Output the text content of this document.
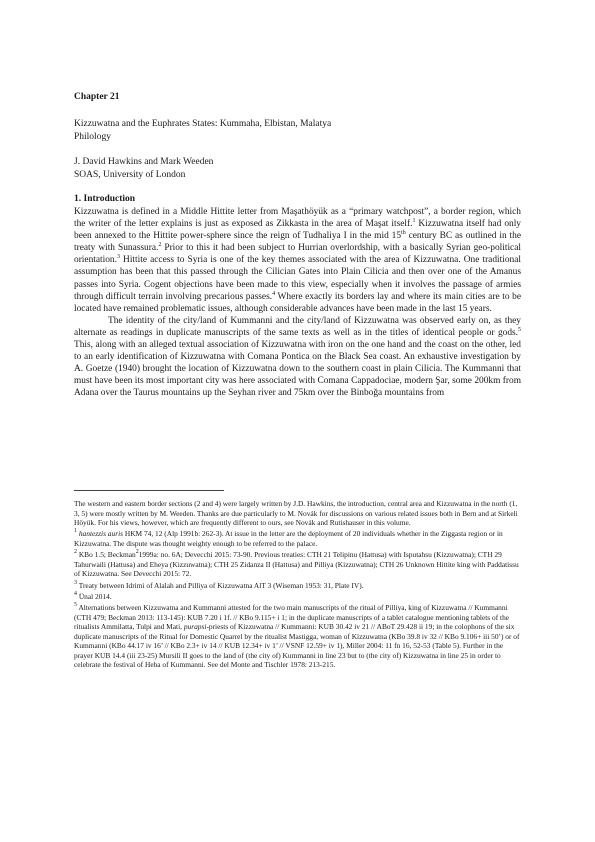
Chapter 21
Kizzuwatna and the Euphrates States: Kummaha, Elbistan, Malatya
Philology
J. David Hawkins and Mark Weeden
SOAS, University of London
1. Introduction

Kizzuwatna is defined in a Middle Hittite letter from Maşathöyük as a “primary watchpost”, a border region, which the writer of the letter explains is just as exposed as Zikkasta in the area of Maşat itself.$^1$ Kizzuwatna itself had only been annexed to the Hittite power-sphere since the reign of Tudhaliya I in the mid 15th century BC as outlined in the treaty with Sunassura.$^2$ Prior to this it had been subject to Hurrian overlordship, with a basically Syrian geo-political orientation.$^3$ Hittite access to Syria is one of the key themes associated with the area of Kizzuwatna. One traditional assumption has been that this passed through the Cilician Gates into Plain Cilicia and then over one of the Amanus passes into Syria. Cogent objections have been made to this view, especially when it involves the passage of armies through difficult terrain involving precarious passes.$^4$ Where exactly its borders lay and where its main cities are to be located have remained problematic issues, although considerable advances have been made in the last 15 years.

The identity of the city/land of Kummanni and the city/land of Kizzuwatna was observed early on, as they alternate as readings in duplicate manuscripts of the same texts as well as in the titles of identical people or gods.$^5$ This, along with an alleged textual association of Kizzuwatna with iron on the one hand and the coast on the other, led to an early identification of Kizzuwatna with Comana Pontica on the Black Sea coast. An exhaustive investigation by A. Goetze (1940) brought the location of Kizzuwatna down to the southern coast in plain Cilicia. The Kummanni that must have been its most important city was here associated with Comana Cappadociae, modern Şar, some 200km from Adana over the Taurus mountains up the Seyhan river and 75km over the Binboğa mountains from

The western and eastern border sections (2 and 4) were largely written by J.D. Hawkins, the introduction, central area and Kizzuwatna in the north (1, 3, 5) were mostly written by M. Weeden. Thanks are due particularly to M. Novák for discussions on various related issues both in Bern and at Sirkeli Höyük. For his views, however, which are frequently different to ours, see Novák and Rutishauser in this volume.

$^1$ hantezzis auris HKM 74, 12 (Alp 1991b: 262-3). At issue in the letter are the deployment of 20 individuals whether in the Ziggasta region or in Kizzuwatna. The dispute was thought weighty enough to be referred to the palace.

$^2$ KBo 1.5; Beckman$^2$1999a: no. 6A; Devecchi 2015: 73-90. Previous treaties: CTH 21 Telipinu (Hattusa) with Isputahsu (Kizzuwatna); CTH 29 Tahurwaili (Hattusa) and Eheya (Kizzuwatna); CTH 25 Zidanza II (Hattusa) and Pilliya (Kizzuwatna); CTH 26 Unknown Hittite king with Paddatissu of Kizzuwatna. See Devecchi 2015: 72.

$^3$ Treaty between Idrimi of Alalah and Pilliya of Kizzuwatna AlT 3 (Wiseman 1953: 31, Plate IV).

$^4$ Ünal 2014.

$^5$ Alternations between Kizzuwatna and Kummanni attested for the two main manuscripts of the ritual of Pilliya, king of Kizzuwatna // Kummanni (CTH 479; Beckman 2013: 113-145): KUB 7.20 i 1f. // KBo 9.115+ i 1; in the duplicate manuscripts of a tablet catalogue mentioning tablets of the ritualists Ammilatta, Tulpi and Mati, purapsi-priests of Kizzuwatna // Kummanni: KUB 30.42 iv 21 // ABoT 29.428 ii 19; in the colophons of the six duplicate manuscripts of the Ritual for Domestic Quarrel by the ritualist Mastigga, woman of Kizzuwatna (KBo 39.8 iv 32 // KBo 9.106+ iii 50’) or of Kummanni (KBo 44.17 iv 16’ // KBo 2.3+ iv 14 // KUB 12.34+ iv 1’ // VSNF 12.59+ iv 1), Miller 2004: 11 fn 16, 52-53 (Table 5). Further in the prayer KUB 14.4 (iii 23-25) Mursili II goes to the land of (the city of) Kummanni in line 23 but to (the city of) Kizzuwatna in line 25 in order to celebrate the festival of Heba of Kummanni. See del Monte and Tischler 1978: 213-215.
